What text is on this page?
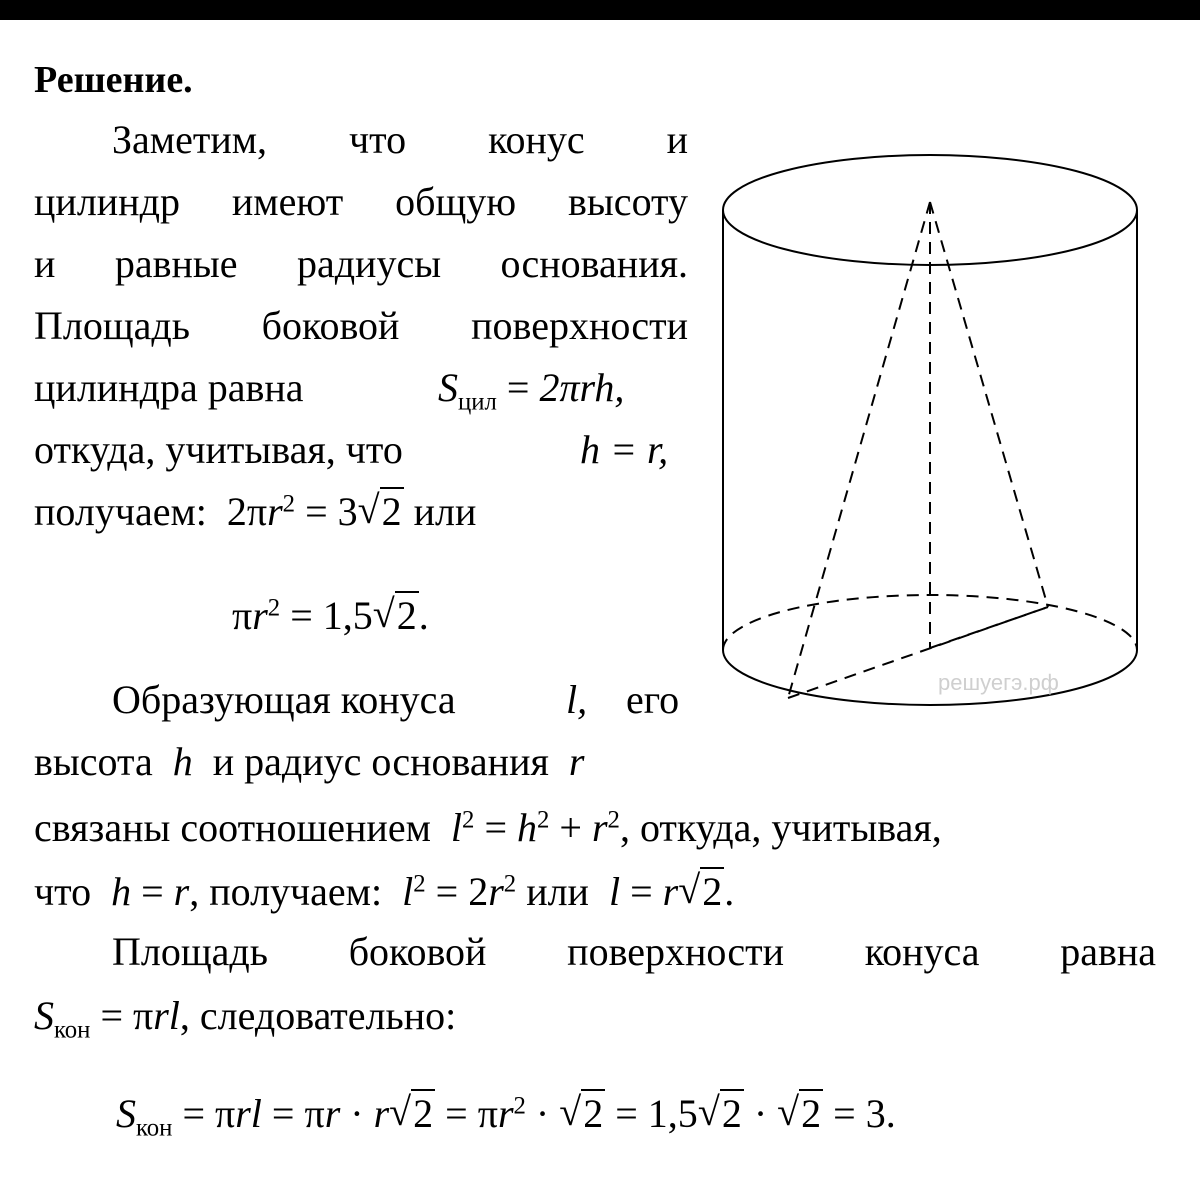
Решение.
Заметим, что конус и
цилиндр имеют общую высоту
и равные радиусы основания.
Площадь боковой поверхности
цилиндра равна	$S_{цил} = 2\pi rh$,
откуда, учитывая, что	h = r,
получаем:  $2\pi r^2 = 3$ √ 2 или
$\pi r^2 = 1,5$ √ 2.
Образующая конуса	l, его
высота h и радиус основания r
связаны соотношением $l^2 = h^2 + r^2$, откуда, учитывая,
что h = r, получаем: $l^2 = 2r^2$ или l = r √ 2.
Площадь боковой поверхности конуса равна
$S_{кон} = \pi rl$, следовательно:
$S_{кон} = \pi rl = \pi r \cdot r$ √ $2 = \pi r^2$ · √ 2 = 1,5 √ 2 · √ 2 = 3.
решуегэ.рф
